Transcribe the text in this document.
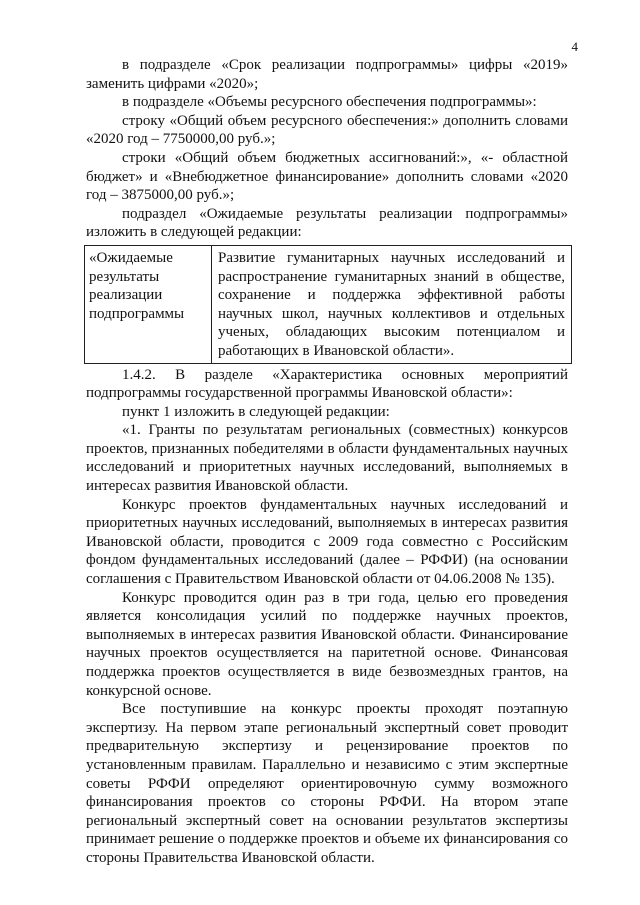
4

в подразделе «Срок реализации подпрограммы» цифры «2019» заменить цифрами «2020»;

в подразделе «Объемы ресурсного обеспечения подпрограммы»:

строку «Общий объем ресурсного обеспечения:» дополнить словами «2020 год – 7750000,00 руб.»;

строки «Общий объем бюджетных ассигнований:», «- областной бюджет» и «Внебюджетное финансирование» дополнить словами «2020 год – 3875000,00 руб.»;

подраздел «Ожидаемые результаты реализации подпрограммы» изложить в следующей редакции:

«Ожидаемые результаты реализации подпрограммы
Развитие гуманитарных научных исследований и распространение гуманитарных знаний в обществе, сохранение и поддержка эффективной работы научных школ, научных коллективов и отдельных ученых, обладающих высоким потенциалом и работающих в Ивановской области».

1.4.2. В разделе «Характеристика основных мероприятий подпрограммы государственной программы Ивановской области»:

пункт 1 изложить в следующей редакции:

«1. Гранты по результатам региональных (совместных) конкурсов проектов, признанных победителями в области фундаментальных научных исследований и приоритетных научных исследований, выполняемых в интересах развития Ивановской области.

Конкурс проектов фундаментальных научных исследований и приоритетных научных исследований, выполняемых в интересах развития Ивановской области, проводится с 2009 года совместно с Российским фондом фундаментальных исследований (далее – РФФИ) (на основании соглашения с Правительством Ивановской области от 04.06.2008 № 135).

Конкурс проводится один раз в три года, целью его проведения является консолидация усилий по поддержке научных проектов, выполняемых в интересах развития Ивановской области. Финансирование научных проектов осуществляется на паритетной основе. Финансовая поддержка проектов осуществляется в виде безвозмездных грантов, на конкурсной основе.

Все поступившие на конкурс проекты проходят поэтапную экспертизу. На первом этапе региональный экспертный совет проводит предварительную экспертизу и рецензирование проектов по установленным правилам. Параллельно и независимо с этим экспертные советы РФФИ определяют ориентировочную сумму возможного финансирования проектов со стороны РФФИ. На втором этапе региональный экспертный совет на основании результатов экспертизы принимает решение о поддержке проектов и объеме их финансирования со стороны Правительства Ивановской области.
